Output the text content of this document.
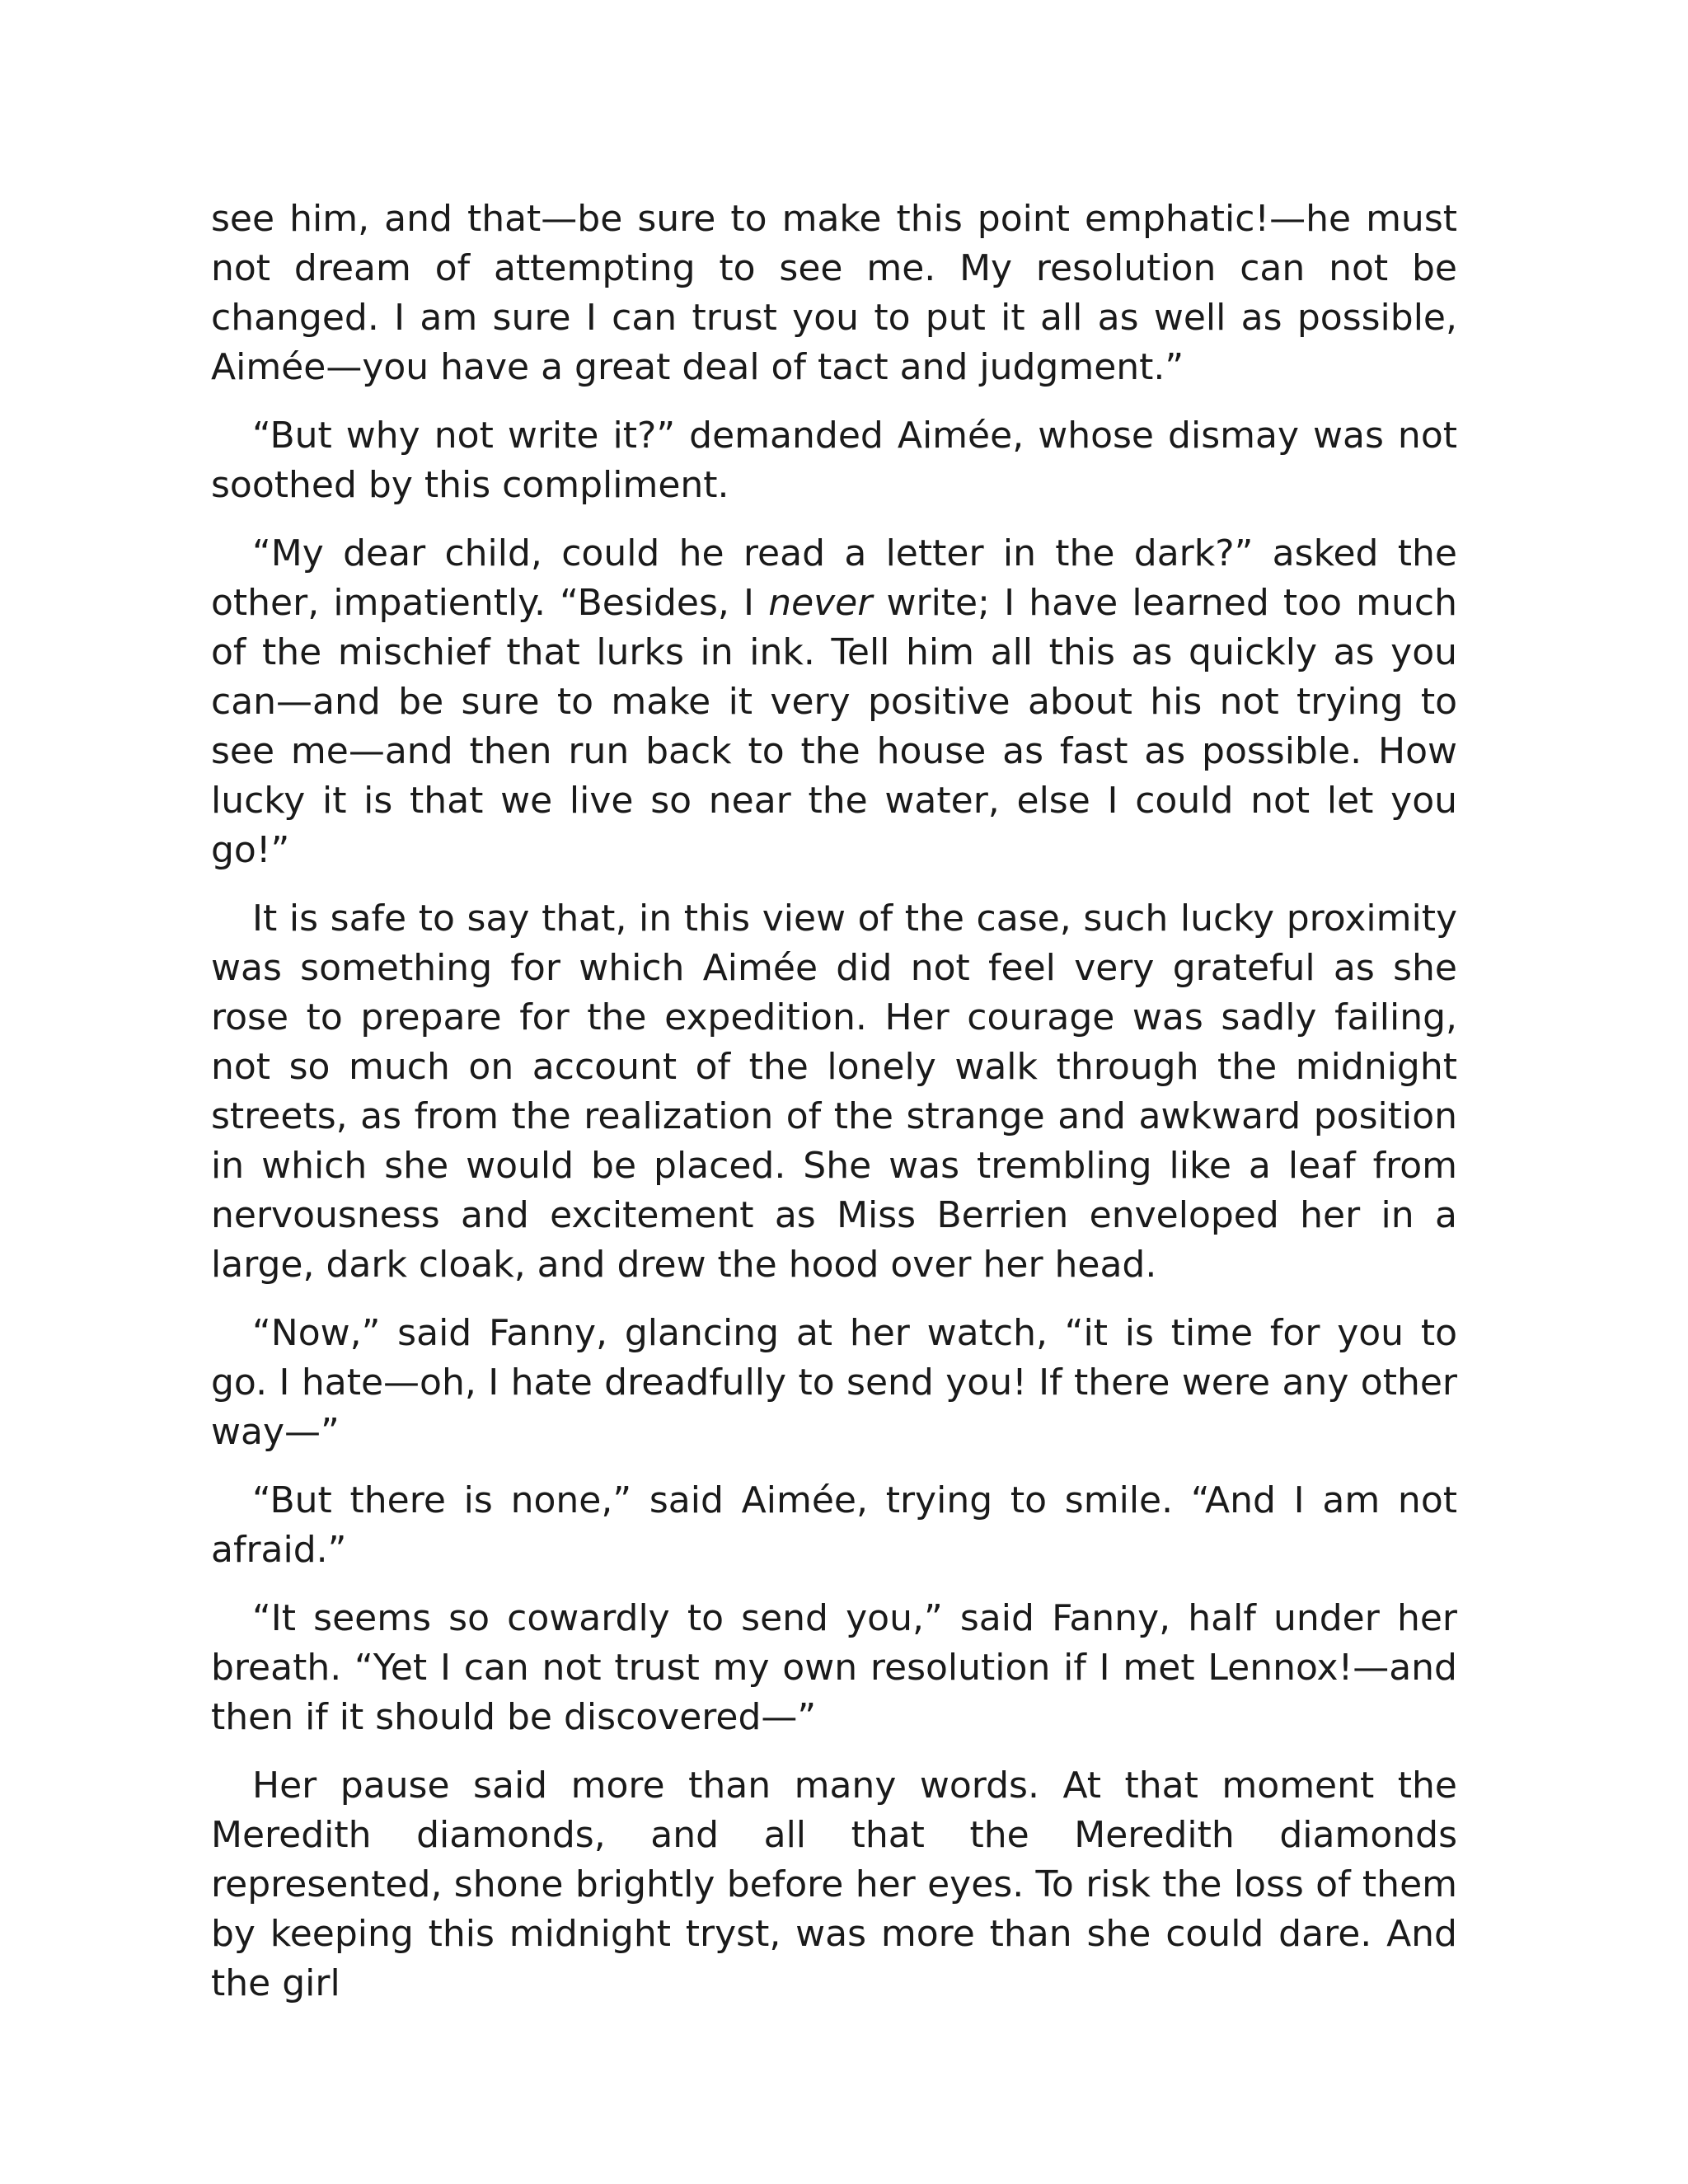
see him, and that—be sure to make this point emphatic!—he must not dream of attempting to see me. My resolution can not be changed. I am sure I can trust you to put it all as well as possible, Aimée—you have a great deal of tact and judgment.”

“But why not write it?” demanded Aimée, whose dismay was not soothed by this compliment.

“My dear child, could he read a letter in the dark?” asked the other, impatiently. “Besides, I never write; I have learned too much of the mischief that lurks in ink. Tell him all this as quickly as you can—and be sure to make it very positive about his not trying to see me—and then run back to the house as fast as possible. How lucky it is that we live so near the water, else I could not let you go!”

It is safe to say that, in this view of the case, such lucky proximity was something for which Aimée did not feel very grateful as she rose to prepare for the expedition. Her courage was sadly failing, not so much on account of the lonely walk through the midnight streets, as from the realization of the strange and awkward position in which she would be placed. She was trembling like a leaf from nervousness and excitement as Miss Berrien enveloped her in a large, dark cloak, and drew the hood over her head.

“Now,” said Fanny, glancing at her watch, “it is time for you to go. I hate—oh, I hate dreadfully to send you! If there were any other way—”

“But there is none,” said Aimée, trying to smile. “And I am not afraid.”

“It seems so cowardly to send you,” said Fanny, half under her breath. “Yet I can not trust my own resolution if I met Lennox!—and then if it should be discovered—”

Her pause said more than many words. At that moment the Meredith diamonds, and all that the Meredith diamonds represented, shone brightly before her eyes. To risk the loss of them by keeping this midnight tryst, was more than she could dare. And the girl
